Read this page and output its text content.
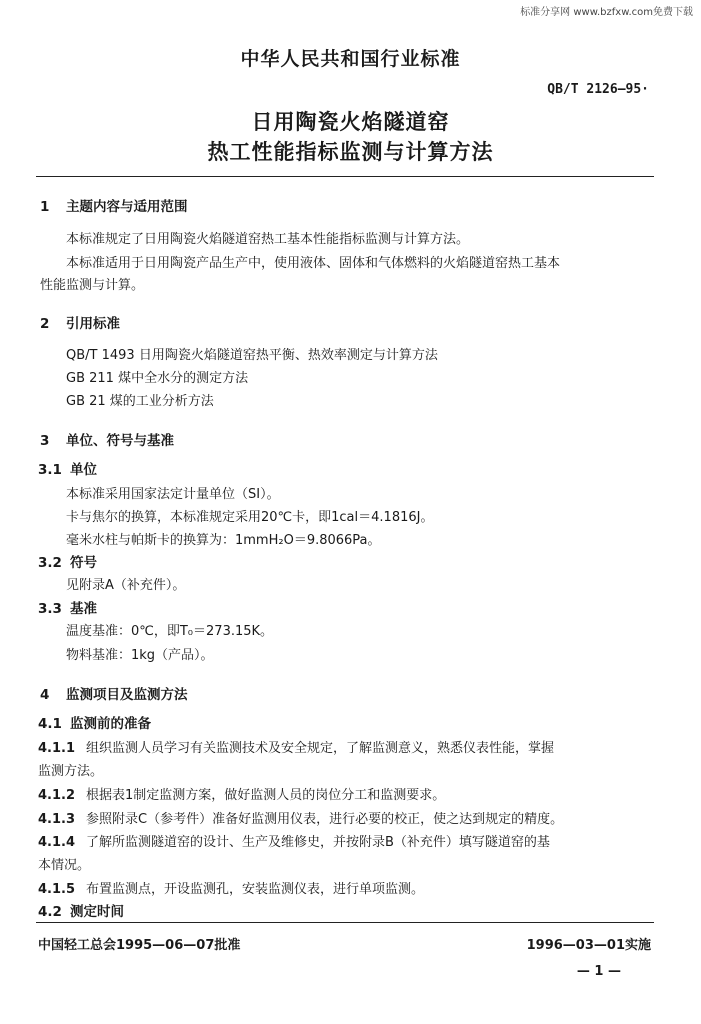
标准分享网 www.bzfxw.com免费下载
中华人民共和国行业标准
QB/T 2126—95·
日用陶瓷火焰隧道窑
热工性能指标监测与计算方法
1 主题内容与适用范围
本标准规定了日用陶瓷火焰隧道窑热工基本性能指标监测与计算方法。
本标准适用于日用陶瓷产品生产中，使用液体、固体和气体燃料的火焰隧道窑热工基本
性能监测与计算。
2 引用标准
QB/T 1493 日用陶瓷火焰隧道窑热平衡、热效率测定与计算方法
GB 211 煤中全水分的测定方法
GB 21 煤的工业分析方法
3 单位、符号与基准
3.1 单位
本标准采用国家法定计量单位（SI）。
卡与焦尔的换算，本标准规定采用20℃卡，即1cal＝4.1816J。
毫米水柱与帕斯卡的换算为：1mmH₂O＝9.8066Pa。
3.2 符号
见附录A（补充件）。
3.3 基准
温度基准：0℃，即T₀＝273.15K。
物料基准：1kg（产品）。
4 监测项目及监测方法
4.1 监测前的准备
4.1.1 组织监测人员学习有关监测技术及安全规定，了解监测意义，熟悉仪表性能，掌握
监测方法。
4.1.2 根据表1制定监测方案，做好监测人员的岗位分工和监测要求。
4.1.3 参照附录C（参考件）准备好监测用仪表，进行必要的校正，使之达到规定的精度。
4.1.4 了解所监测隧道窑的设计、生产及维修史，并按附录B（补充件）填写隧道窑的基
本情况。
4.1.5 布置监测点，开设监测孔，安装监测仪表，进行单项监测。
4.2 测定时间
中国轻工总会1995—06—07批准	1996—03—01实施
— 1 —
